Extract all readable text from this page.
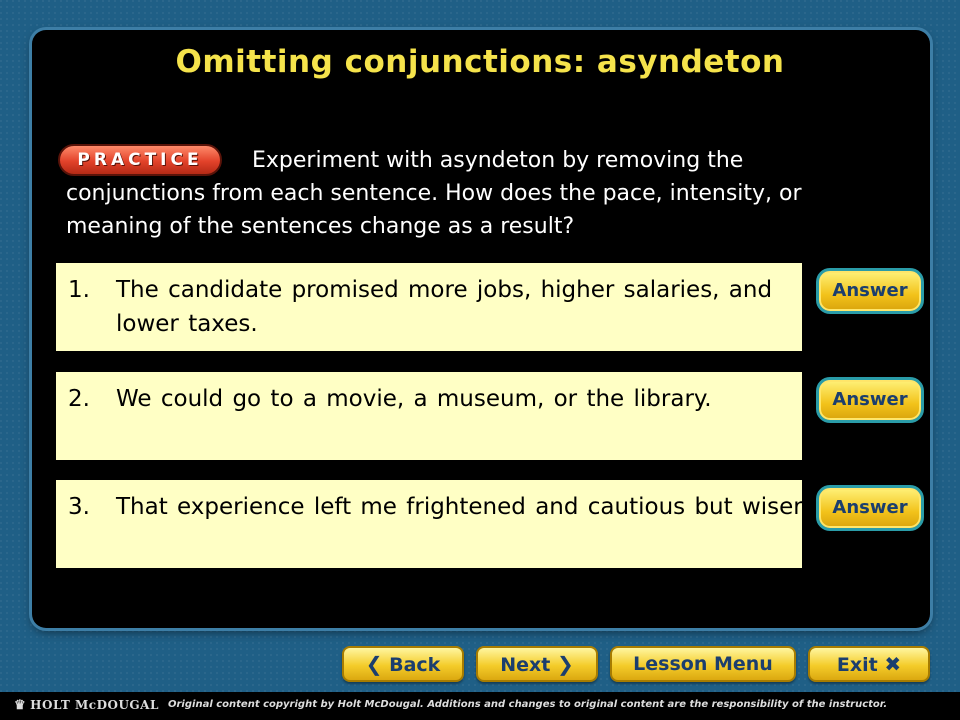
Omitting conjunctions: asyndeton

Experiment with asyndeton by removing the conjunctions from each sentence. How does the pace, intensity, or meaning of the sentences change as a result?

PRACTICE

1. The candidate promised more jobs, higher salaries, and lower taxes.

Answer

2. We could go to a movie, a museum, or the library.	Answer

3. That experience left me frightened and cautious but wiser.	Answer
❮ Back	Next ❯	Lesson Menu	Exit ✖
♛ HOLT McDOUGAL Original content copyright by Holt McDougal. Additions and changes to original content are the responsibility of the instructor.
